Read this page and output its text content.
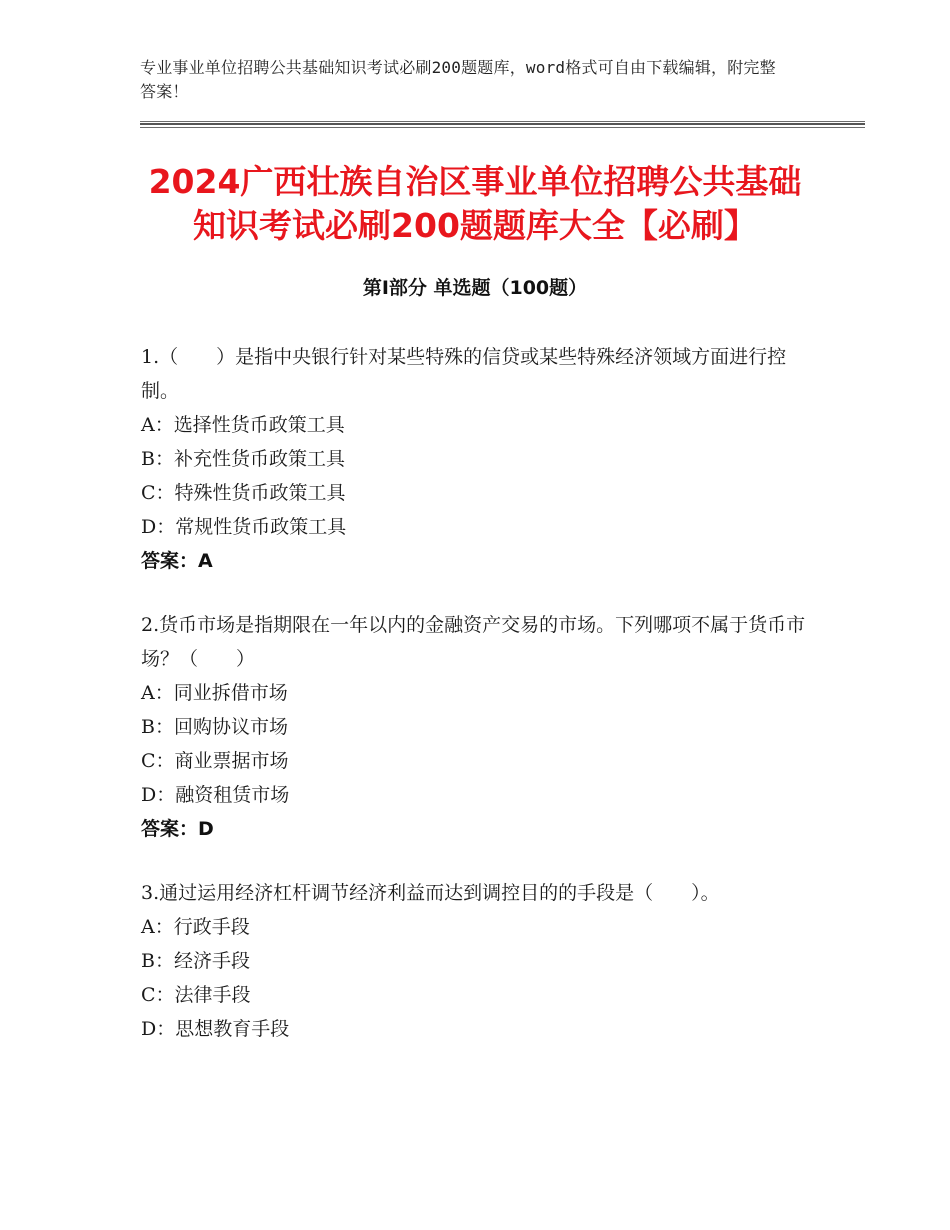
专业事业单位招聘公共基础知识考试必刷200题题库，word格式可自由下载编辑，附完整答案！
2024广西壮族自治区事业单位招聘公共基础
知识考试必刷200题题库大全【必刷】
第Ⅰ部分 单选题（100题）
1.（　　）是指中央银行针对某些特殊的信贷或某些特殊经济领域方面进行控制。
A：选择性货币政策工具
B：补充性货币政策工具
C：特殊性货币政策工具
D：常规性货币政策工具
答案：A
2.货币市场是指期限在一年以内的金融资产交易的市场。下列哪项不属于货币市场？（　　）
A：同业拆借市场
B：回购协议市场
C：商业票据市场
D：融资租赁市场
答案：D
3.通过运用经济杠杆调节经济利益而达到调控目的的手段是（　　）。
A：行政手段
B：经济手段
C：法律手段
D：思想教育手段
